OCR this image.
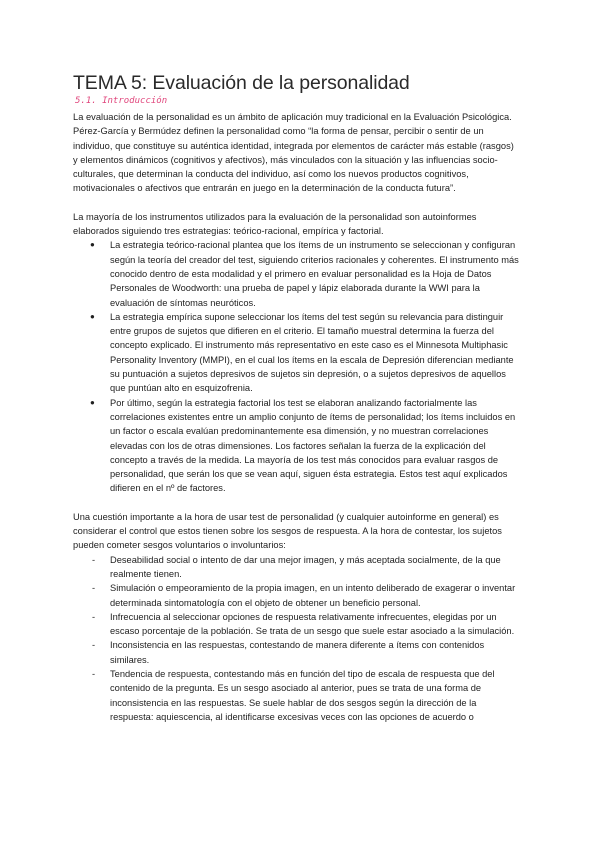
TEMA 5: Evaluación de la personalidad
5.1. Introducción

La evaluación de la personalidad es un ámbito de aplicación muy tradicional en la Evaluación Psicológica. Pérez-García y Bermúdez definen la personalidad como “la forma de pensar, percibir o sentir de un individuo, que constituye su auténtica identidad, integrada por elementos de carácter más estable (rasgos) y elementos dinámicos (cognitivos y afectivos), más vinculados con la situación y las influencias socio-culturales, que determinan la conducta del individuo, así como los nuevos productos cognitivos, motivacionales o afectivos que entrarán en juego en la determinación de la conducta futura”.

La mayoría de los instrumentos utilizados para la evaluación de la personalidad son autoinformes elaborados siguiendo tres estrategias: teórico-racional, empírica y factorial.

● La estrategia teórico-racional plantea que los ítems de un instrumento se seleccionan y configuran según la teoría del creador del test, siguiendo criterios racionales y coherentes. El instrumento más conocido dentro de esta modalidad y el primero en evaluar personalidad es la Hoja de Datos Personales de Woodworth: una prueba de papel y lápiz elaborada durante la WWI para la evaluación de síntomas neuróticos.
● La estrategia empírica supone seleccionar los ítems del test según su relevancia para distinguir entre grupos de sujetos que difieren en el criterio. El tamaño muestral determina la fuerza del concepto explicado. El instrumento más representativo en este caso es el Minnesota Multiphasic Personality Inventory (MMPI), en el cual los ítems en la escala de Depresión diferencian mediante su puntuación a sujetos depresivos de sujetos sin depresión, o a sujetos depresivos de aquellos que puntúan alto en esquizofrenia.
● Por último, según la estrategia factorial los test se elaboran analizando factorialmente las correlaciones existentes entre un amplio conjunto de ítems de personalidad; los ítems incluidos en un factor o escala evalúan predominantemente esa dimensión, y no muestran correlaciones elevadas con los de otras dimensiones. Los factores señalan la fuerza de la explicación del concepto a través de la medida. La mayoría de los test más conocidos para evaluar rasgos de personalidad, que serán los que se vean aquí, siguen ésta estrategia. Estos test aquí explicados difieren en el nº de factores.

Una cuestión importante a la hora de usar test de personalidad (y cualquier autoinforme en general) es considerar el control que estos tienen sobre los sesgos de respuesta. A la hora de contestar, los sujetos pueden cometer sesgos voluntarios o involuntarios:

- Deseabilidad social o intento de dar una mejor imagen, y más aceptada socialmente, de la que realmente tienen.
- Simulación o empeoramiento de la propia imagen, en un intento deliberado de exagerar o inventar determinada sintomatología con el objeto de obtener un beneficio personal.
- Infrecuencia al seleccionar opciones de respuesta relativamente infrecuentes, elegidas por un escaso porcentaje de la población. Se trata de un sesgo que suele estar asociado a la simulación.
- Inconsistencia en las respuestas, contestando de manera diferente a ítems con contenidos similares.
- Tendencia de respuesta, contestando más en función del tipo de escala de respuesta que del contenido de la pregunta. Es un sesgo asociado al anterior, pues se trata de una forma de inconsistencia en las respuestas. Se suele hablar de dos sesgos según la dirección de la respuesta: aquiescencia, al identificarse excesivas veces con las opciones de acuerdo o
